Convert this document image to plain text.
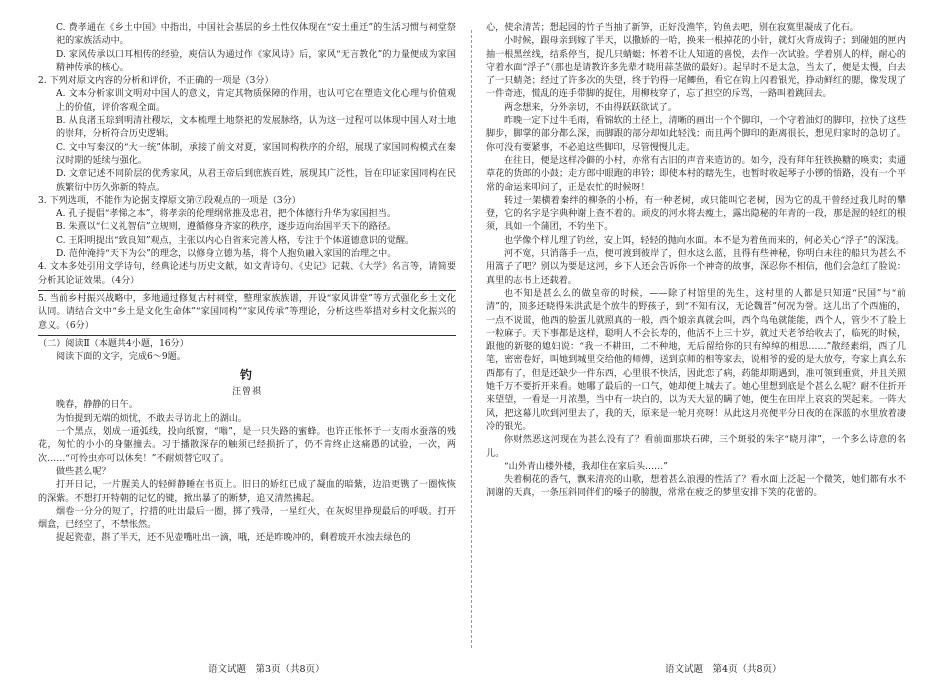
C. 费孝通在《乡土中国》中指出，中国社会基层的乡土性仅体现在“安土重迁”的生活习惯与祠堂祭祀的家族活动中。

D. 家风传承以口耳相传的经验，庾信认为通过作《家风诗》后，家风“无言教化”的力量便成为家国精神传承的核心。

2. 下列对原文内容的分析和评价，不正确的一项是（3分）

A. 文本分析家训文明对中国人的意义，肯定其物质保障的作用，也认可它在塑造文化心理与价值观上的价值，评价客观全面。

B. 从良渚玉琮到明清社稷坛，文本梳理土地祭祀的发展脉络，认为这一过程可以体现中国人对土地的崇拜，分析符合历史逻辑。

C. 文中写秦汉的“大一统”体制，承接了前文对夏，家国同构秩序的介绍，展现了家国同构模式在秦汉时期的延续与强化。

D. 文章记述不同阶层的优秀家风，从君王帝后到庶族百姓，展现其广泛性，旨在印证家国同构在民族繁衍中历久弥新的特点。

3. 下列选项，不能作为论据支撑原文第⑦段观点的一项是（3分）

A. 孔子提倡“孝悌之本”，将孝亲的伦理纲常推及忠君，把个体德行升华为家国担当。

B. 朱熹以“仁义礼智信”立规则，遵循修身齐家的秩序，逐步迈向治国平天下的路径。

C. 王阳明提出“致良知”观点，主张以内心自省来完善人格，专注于个体道德意识的觉醒。

D. 范仲淹持“天下为公”的理念，以修身立德为基，将个人抱负融入家国的治理之中。

4. 文本多处引用文学诗句，经典论述与历史文献，如文青诗句、《史记》记载、《大学》名言等，请简要分析其论证效果。（4分）

5. 当前乡村振兴战略中，多地通过修复古村祠堂，整理家族族谱，开设“家风讲堂”等方式强化乡土文化认同。请结合文中“乡土是文化生命体”“家国同构”“家风传承”等理论，分析这些举措对乡村文化振兴的意义。（6分）

（二）阅读Ⅱ（本题共4小题，16分）

阅读下面的文字，完成6～9题。

钓
汪曾祺

晚春，静静的日午。

为怕提到无端的烦忧，不敢去寻访北上的湖山。

一个黑点，划成一道弧线，投向纸窗，“嗡”，是一只失路的蜜蜂。也许正怅怀于一支雨水蚕落的残花，匆忙的小小的身躯撞去。习于播散深存的触须已经损折了，仍不肯终止这痛愚的试验，一次，两次……“可怜虫亦可以休矣！”不耐烦替它叹了。

做些甚么呢？

打开日记，一片腥美人的轻鲜静睡在书页上。旧日的娇红已成了凝血的暗紫，边沿更镌了一圈恢恢的深紫。不想打开特朝的记忆的键，掀出暴了的断梦，追又清然拂起。

烟卷一分分的短了，拧措的吐出最后一圈，掷了残帚，一星红火，在灰烬里挣现最后的呼吸。打开烟盒，已经空了，不禁怅然。

捉起瓷壶，斟了半天，还不见壶嘴吐出一滴，哦，还是昨晚冲的，剩着玻开水浊去绿色的

心，使余清苦；想起园的竹子当抽了新笋，正好没渔竿，钓鱼去吧，别在寂寞里凝成了化石。

小时候，跟母亲到嫁了半天，以撒娇的一哈，换来一根掉花的小针，就灯火背成钩子；到碰姐的匣内抽一根黑丝线，结系停当，捉几只蜻蜓；怀着不让人知道的喜悦，去作一次试验。学着别人的样，耐心的守着水面“浮子”（那也是请教许多先辈才晓用蒜茎做的最好）。起早时不是太急，当太了，便是太慢，白去了一只蜻尧；经过了许多次的失望，终于钓得一尾鲫鱼，看它在钩上闪着银光，挣动鲜红的腮，像发现了一件奇迹，慌乱的连手带脚的捉住，用柳枝穿了，忘了担空的斥骂，一路叫着跳回去。

两念想来，分外亲切，不由得跃跃欲试了。

昨晚一定下过牛毛雨，看锦软的土径上，清晰的画出一个个脚印，一个守着油灯的脚印，拉快了这些脚步，脚掌的部分都么深，而脚跟的部分却如此轻浅；而且两个脚印的距离很长，想见归家时的急切了。你可没有要紧事，不必追这些脚印，尽管慢慢儿走。

在往日，便是这样冷僻的小村，亦常有古旧的声音来造访的。如今，没有拜年狂铁换糖的唤卖；卖通草花的货郎的小鼓；走方郎中眼跑的串铃；即使本村的瞎先生，也暂时收起琴子小锣的悟路，没有一个平常的命运来叩问了，正是农忙的时候呀！

转过一架横着秦绊的柳条的小桥，有一种老树，或只能叫它老树，因为它的乱干曾经过我儿时的攀登，它的名字是字典种谢上查不着的。顽皮的河水将去瘦土，露出隐秘的年青的一段，那是渥的轻红的根须，具如一个蒲团，不钓坐下。

也学像个样儿理了钓丝，安上饵，轻轻的抛向水面。本不是为着鱼而来的，何必关心“浮子”的深浅。

河不宽，只消落手一点，便可渡到彼岸了，但水这么蓝，且得有些神秘，你明白未往的船只为甚么不用篙子了吧？别以为要是这河，乡下人还会告诉你一个神奇的故事，深忍你不相信，他们会急红了脸说：真里的志书上还载着。

也不知是甚么么的做皇帝的时候，——除了村馆里的先生，这村里的人都是只知道“民国”与“前清”的，顶多还晓得朱洪武是个放牛的野孩子，到“不知有汉，无论魏晋”何况为誉。这儿出了个西施的，一点不说谎，他西的脸蛋儿就照真的一般，西个娘亲真就会叫，西个鸟龟就能能，西个人，管少不了脸上一粒麻子。天下事都是这样，聪明人不会长寿的，他活不上三十岁，就过天老爷给收去了，临死的时候，跟他的新娶的媳妇说：“我一不耕田，二不种地，无后留给你的只有绰绰的相思……”散经素绢，西了几笔，密密卷好，叫她到城里交给他的师傅，送到京师的相等家去，说相爷的爱的是大放夸，夸家上真么东西都有了，但是还缺少一件东西，心里很不快活，因此恋了病，药能却期遇到，准可领到重赏，并且关照她千万不要折开来看。她哪了最后的一口气，她却便上城去了。她心里想到底是个甚么么呢？耐不住折开来望望，一看是一月浓墨，当中有一块白的，以为天大显的瞒了她，便生在田岸上哀哀的哭起来。一阵大风，把这幕儿吹到河里去了，我的天，原来是一轮月亮呀！从此这月亮便平分日夜的在深蓝的水里放着凄冷的银光。

你财然恶这河现在为甚么没有了？看前面那块石碑，三个斑驳的朱字“晓月津”，一个多么诗意的名儿。

“山外青山楼外楼，我却住在家后头……”

失着桐花的香气，飘来清亮的山歌，想着甚么浪漫的性活了？看水面上泛起一个微笑，她们都有水不洞谢的天真，一条压斜同伴们的嗓子的膀腹，常常在疲乏的梦里安排下笑的花蕾的。

语文试题　第3页（共8页）	语文试题　第4页（共8页）
